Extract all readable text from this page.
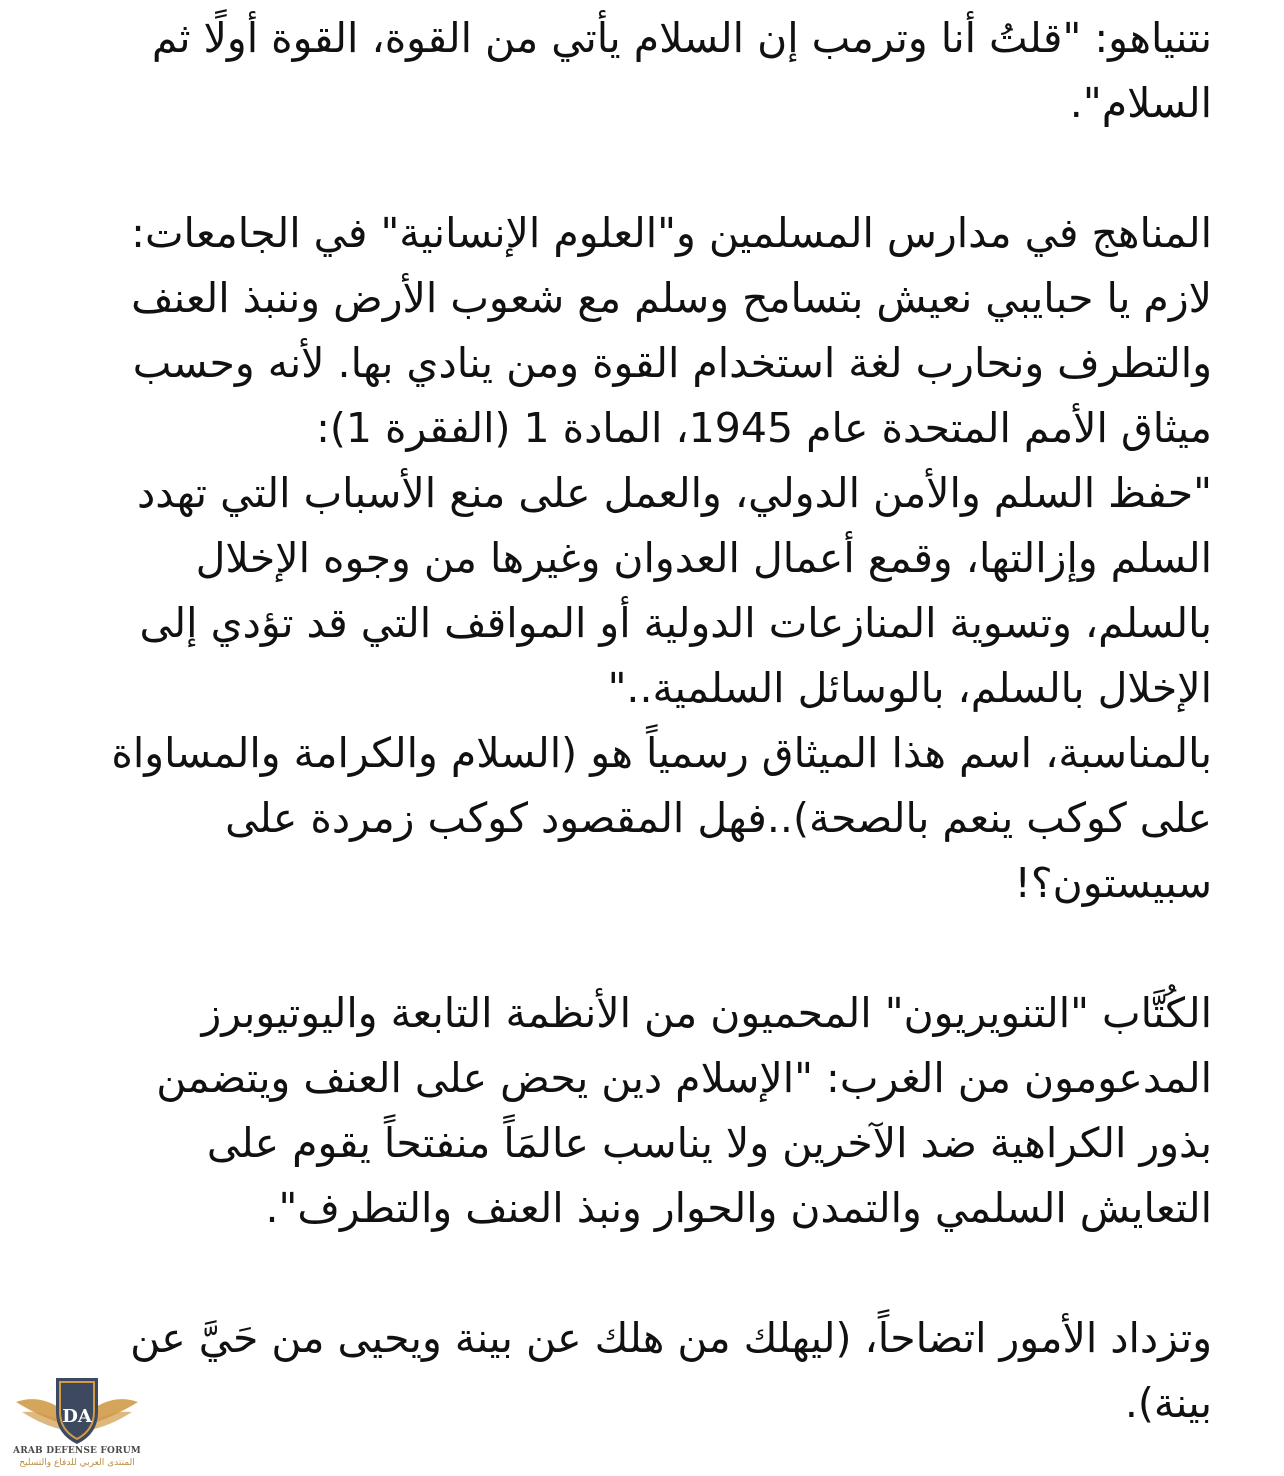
نتنياهو: "قلتُ أنا وترمب إن السلام يأتي من القوة، القوة أولًا ثم
السلام".
المناهج في مدارس المسلمين و"العلوم الإنسانية" في الجامعات:
لازم يا حبايبي نعيش بتسامح وسلم مع شعوب الأرض وننبذ العنف
والتطرف ونحارب لغة استخدام القوة ومن ينادي بها. لأنه وحسب
ميثاق الأمم المتحدة عام 1945، المادة 1 (الفقرة 1):
"حفظ السلم والأمن الدولي، والعمل على منع الأسباب التي تهدد
السلم وإزالتها، وقمع أعمال العدوان وغيرها من وجوه الإخلال
بالسلم، وتسوية المنازعات الدولية أو المواقف التي قد تؤدي إلى
الإخلال بالسلم، بالوسائل السلمية.."
بالمناسبة، اسم هذا الميثاق رسمياً هو (السلام والكرامة والمساواة
على كوكب ينعم بالصحة)..فهل المقصود كوكب زمردة على
سبيستون؟!
الكُتَّاب "التنويريون" المحميون من الأنظمة التابعة واليوتيوبرز
المدعومون من الغرب: "الإسلام دين يحض على العنف ويتضمن
بذور الكراهية ضد الآخرين ولا يناسب عالمَاً منفتحاً يقوم على
التعايش السلمي والتمدن والحوار ونبذ العنف والتطرف".
وتزداد الأمور اتضاحاً، (ليهلك من هلك عن بينة ويحيى من حَيَّ عن
بينة).
DA
ARAB DEFENSE FORUM
المنتدى العربي للدفاع والتسليح
